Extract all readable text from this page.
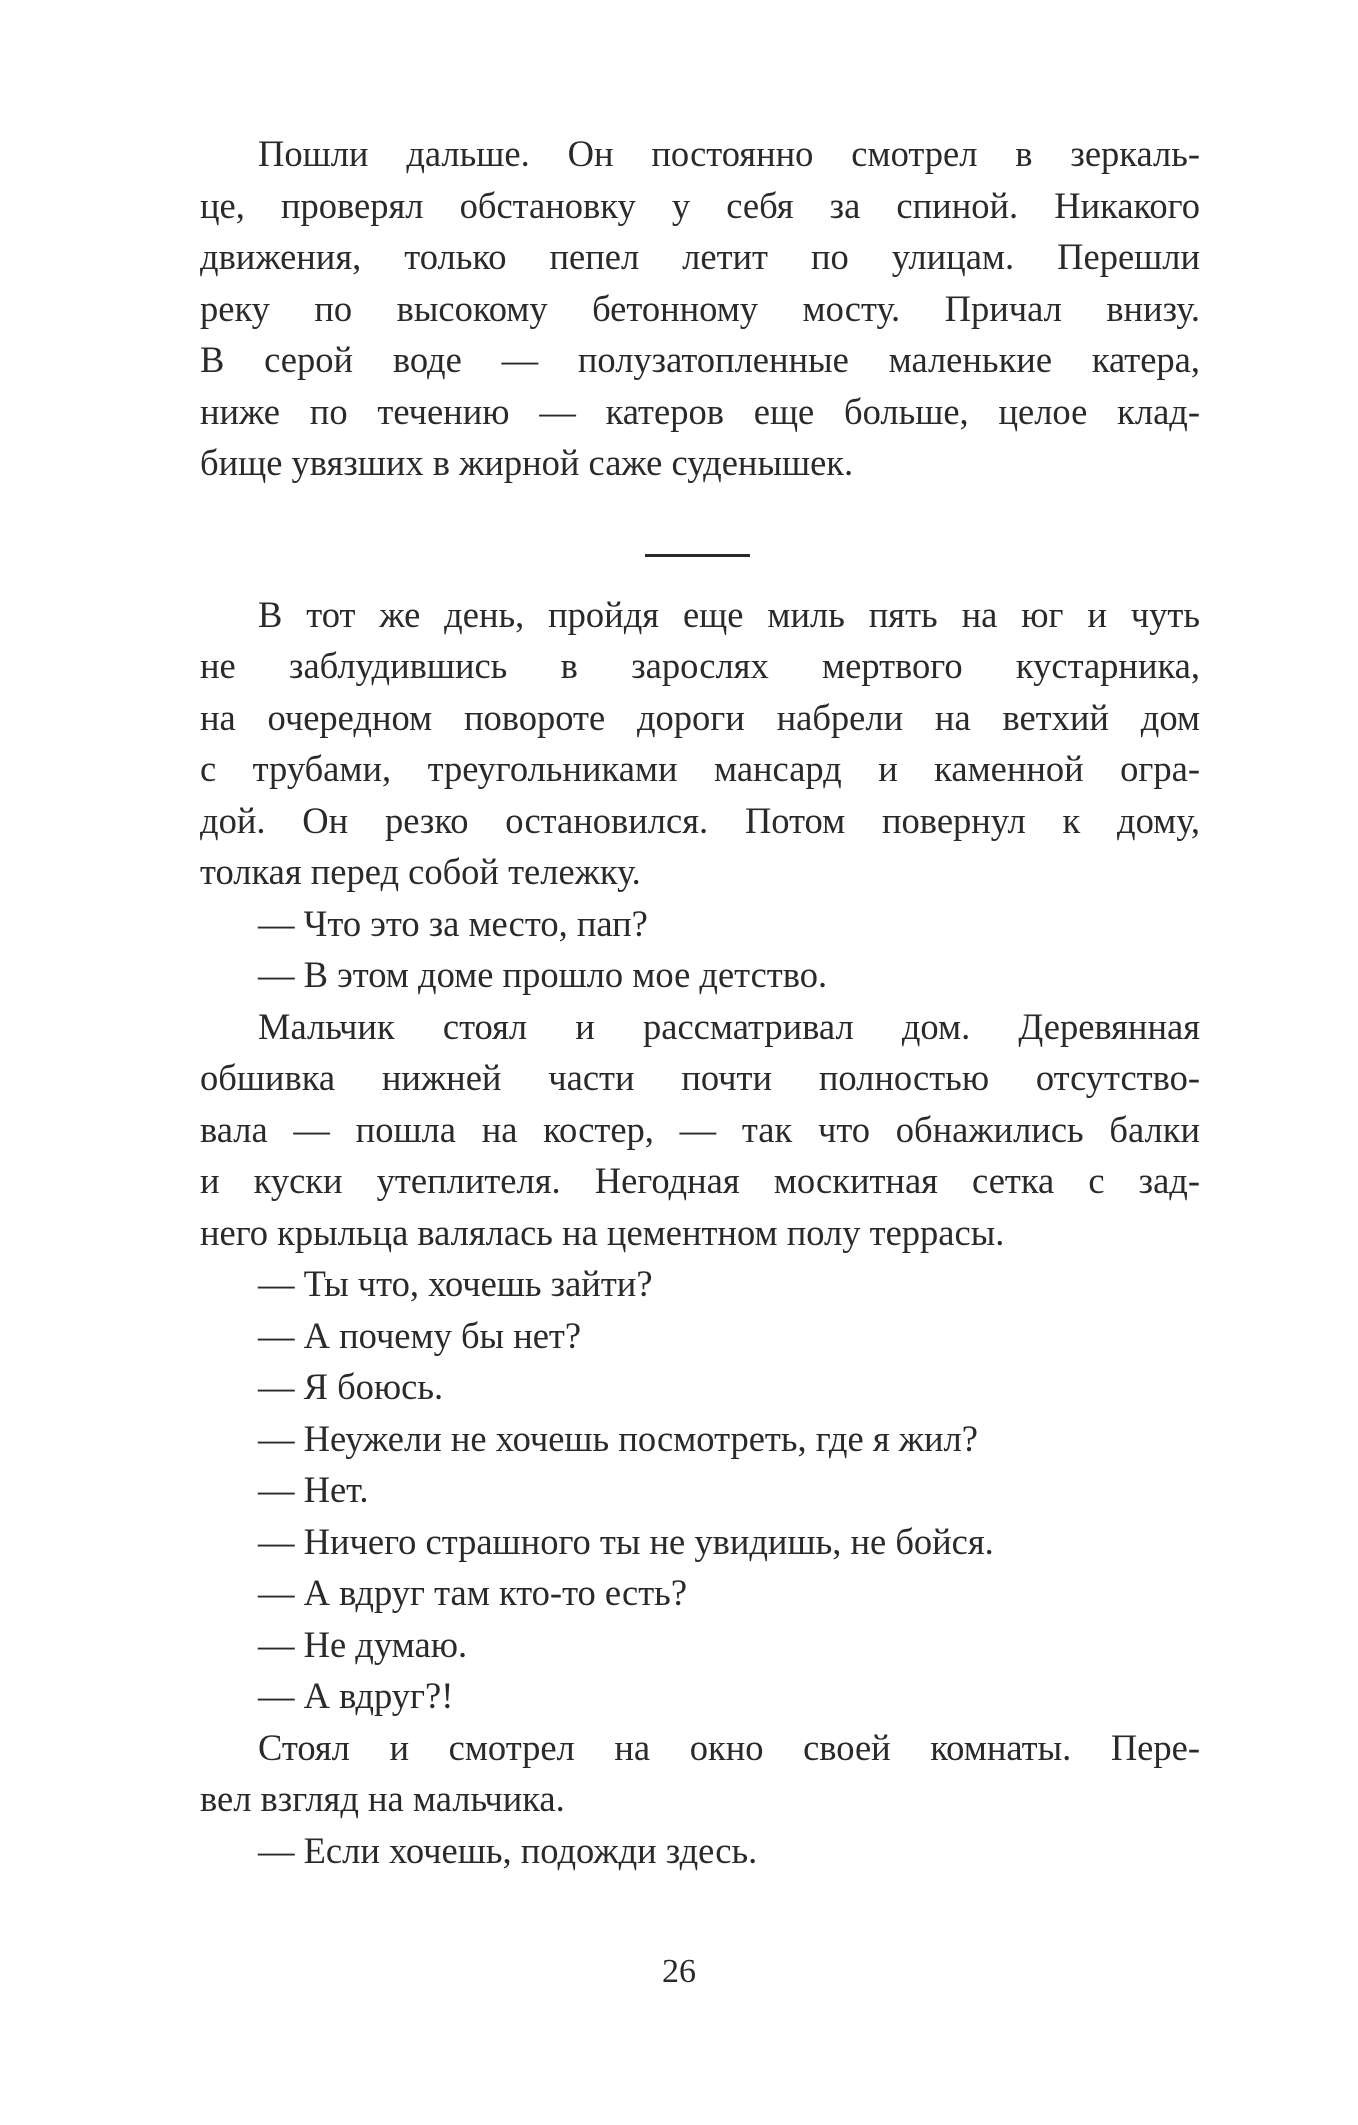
Пошли дальше. Он постоянно смотрел в зеркаль-
це, проверял обстановку у себя за спиной. Никакого
движения, только пепел летит по улицам. Перешли
реку по высокому бетонному мосту. Причал внизу.
В серой воде — полузатопленные маленькие катера,
ниже по течению — катеров еще больше, целое клад-
бище увязших в жирной саже суденышек.
В тот же день, пройдя еще миль пять на юг и чуть
не заблудившись в зарослях мертвого кустарника,
на очередном повороте дороги набрели на ветхий дом
с трубами, треугольниками мансард и каменной огра-
дой. Он резко остановился. Потом повернул к дому,
толкая перед собой тележку.
— Что это за место, пап?
— В этом доме прошло мое детство.
Мальчик стоял и рассматривал дом. Деревянная
обшивка нижней части почти полностью отсутство-
вала — пошла на костер, — так что обнажились балки
и куски утеплителя. Негодная москитная сетка с зад-
него крыльца валялась на цементном полу террасы.
— Ты что, хочешь зайти?
— А почему бы нет?
— Я боюсь.
— Неужели не хочешь посмотреть, где я жил?
— Нет.
— Ничего страшного ты не увидишь, не бойся.
— А вдруг там кто-то есть?
— Не думаю.
— А вдруг?!
Стоял и смотрел на окно своей комнаты. Пере-
вел взгляд на мальчика.
— Если хочешь, подожди здесь.
26
